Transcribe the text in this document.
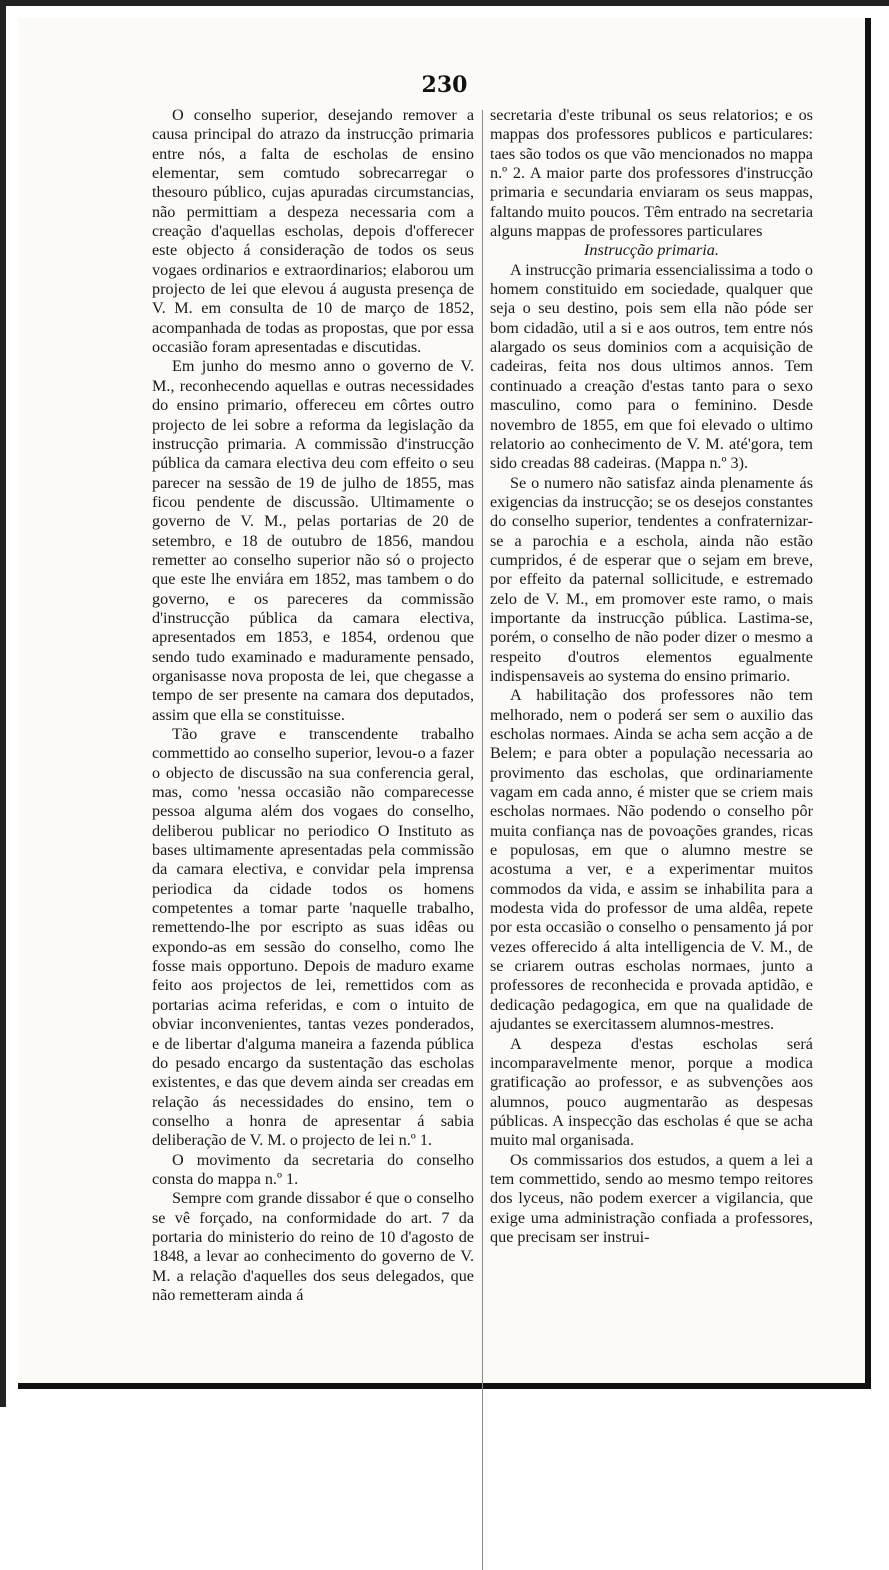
230

O conselho superior, desejando remover a causa principal do atrazo da instrucção primaria entre nós, a falta de escholas de ensino elementar, sem comtudo sobrecarregar o thesouro público, cujas apuradas circumstancias, não permittiam a despeza necessaria com a creação d'aquellas escholas, depois d'offerecer este objecto á consideração de todos os seus vogaes ordinarios e extraordinarios; elaborou um projecto de lei que elevou á augusta presença de V. M. em consulta de 10 de março de 1852, acompanhada de todas as propostas, que por essa occasião foram apresentadas e discutidas.

Em junho do mesmo anno o governo de V. M., reconhecendo aquellas e outras necessidades do ensino primario, offereceu em côrtes outro projecto de lei sobre a reforma da legislação da instrucção primaria. A commissão d'instrucção pública da camara electiva deu com effeito o seu parecer na sessão de 19 de julho de 1855, mas ficou pendente de discussão. Ultimamente o governo de V. M., pelas portarias de 20 de setembro, e 18 de outubro de 1856, mandou remetter ao conselho superior não só o projecto que este lhe enviára em 1852, mas tambem o do governo, e os pareceres da commissão d'instrucção pública da camara electiva, apresentados em 1853, e 1854, ordenou que sendo tudo examinado e maduramente pensado, organisasse nova proposta de lei, que chegasse a tempo de ser presente na camara dos deputados, assim que ella se constituisse.

Tão grave e transcendente trabalho commettido ao conselho superior, levou-o a fazer o objecto de discussão na sua conferencia geral, mas, como 'nessa occasião não comparecesse pessoa alguma além dos vogaes do conselho, deliberou publicar no periodico O Instituto as bases ultimamente apresentadas pela commissão da camara electiva, e convidar pela imprensa periodica da cidade todos os homens competentes a tomar parte 'naquelle trabalho, remettendo-lhe por escripto as suas idêas ou expondo-as em sessão do conselho, como lhe fosse mais opportuno. Depois de maduro exame feito aos projectos de lei, remettidos com as portarias acima referidas, e com o intuito de obviar inconvenientes, tantas vezes ponderados, e de libertar d'alguma maneira a fazenda pública do pesado encargo da sustentação das escholas existentes, e das que devem ainda ser creadas em relação ás necessidades do ensino, tem o conselho a honra de apresentar á sabia deliberação de V. M. o projecto de lei n.º 1.

O movimento da secretaria do conselho consta do mappa n.º 1.

Sempre com grande dissabor é que o conselho se vê forçado, na conformidade do art. 7 da portaria do ministerio do reino de 10 d'agosto de 1848, a levar ao conhecimento do governo de V. M. a relação d'aquelles dos seus delegados, que não remetteram ainda á

secretaria d'este tribunal os seus relatorios; e os mappas dos professores publicos e particulares: taes são todos os que vão mencionados no mappa n.º 2. A maior parte dos professores d'instrucção primaria e secundaria enviaram os seus mappas, faltando muito poucos. Têm entrado na secretaria alguns mappas de professores particulares

Instrucção primaria.

A instrucção primaria essencialissima a todo o homem constituido em sociedade, qualquer que seja o seu destino, pois sem ella não póde ser bom cidadão, util a si e aos outros, tem entre nós alargado os seus dominios com a acquisição de cadeiras, feita nos dous ultimos annos. Tem continuado a creação d'estas tanto para o sexo masculino, como para o feminino. Desde novembro de 1855, em que foi elevado o ultimo relatorio ao conhecimento de V. M. até'gora, tem sido creadas 88 cadeiras. (Mappa n.º 3).

Se o numero não satisfaz ainda plenamente ás exigencias da instrucção; se os desejos constantes do conselho superior, tendentes a confraternizar-se a parochia e a eschola, ainda não estão cumpridos, é de esperar que o sejam em breve, por effeito da paternal sollicitude, e estremado zelo de V. M., em promover este ramo, o mais importante da instrucção pública. Lastima-se, porém, o conselho de não poder dizer o mesmo a respeito d'outros elementos egualmente indispensaveis ao systema do ensino primario.

A habilitação dos professores não tem melhorado, nem o poderá ser sem o auxilio das escholas normaes. Ainda se acha sem acção a de Belem; e para obter a população necessaria ao provimento das escholas, que ordinariamente vagam em cada anno, é mister que se criem mais escholas normaes. Não podendo o conselho pôr muita confiança nas de povoações grandes, ricas e populosas, em que o alumno mestre se acostuma a ver, e a experimentar muitos commodos da vida, e assim se inhabilita para a modesta vida do professor de uma aldêa, repete por esta occasião o conselho o pensamento já por vezes offerecido á alta intelligencia de V. M., de se criarem outras escholas normaes, junto a professores de reconhecida e provada aptidão, e dedicação pedagogica, em que na qualidade de ajudantes se exercitassem alumnos-mestres.

A despeza d'estas escholas será incomparavelmente menor, porque a modica gratificação ao professor, e as subvenções aos alumnos, pouco augmentarão as despesas públicas. A inspecção das escholas é que se acha muito mal organisada.

Os commissarios dos estudos, a quem a lei a tem commettido, sendo ao mesmo tempo reitores dos lyceus, não podem exercer a vigilancia, que exige uma administração confiada a professores, que precisam ser instrui-
